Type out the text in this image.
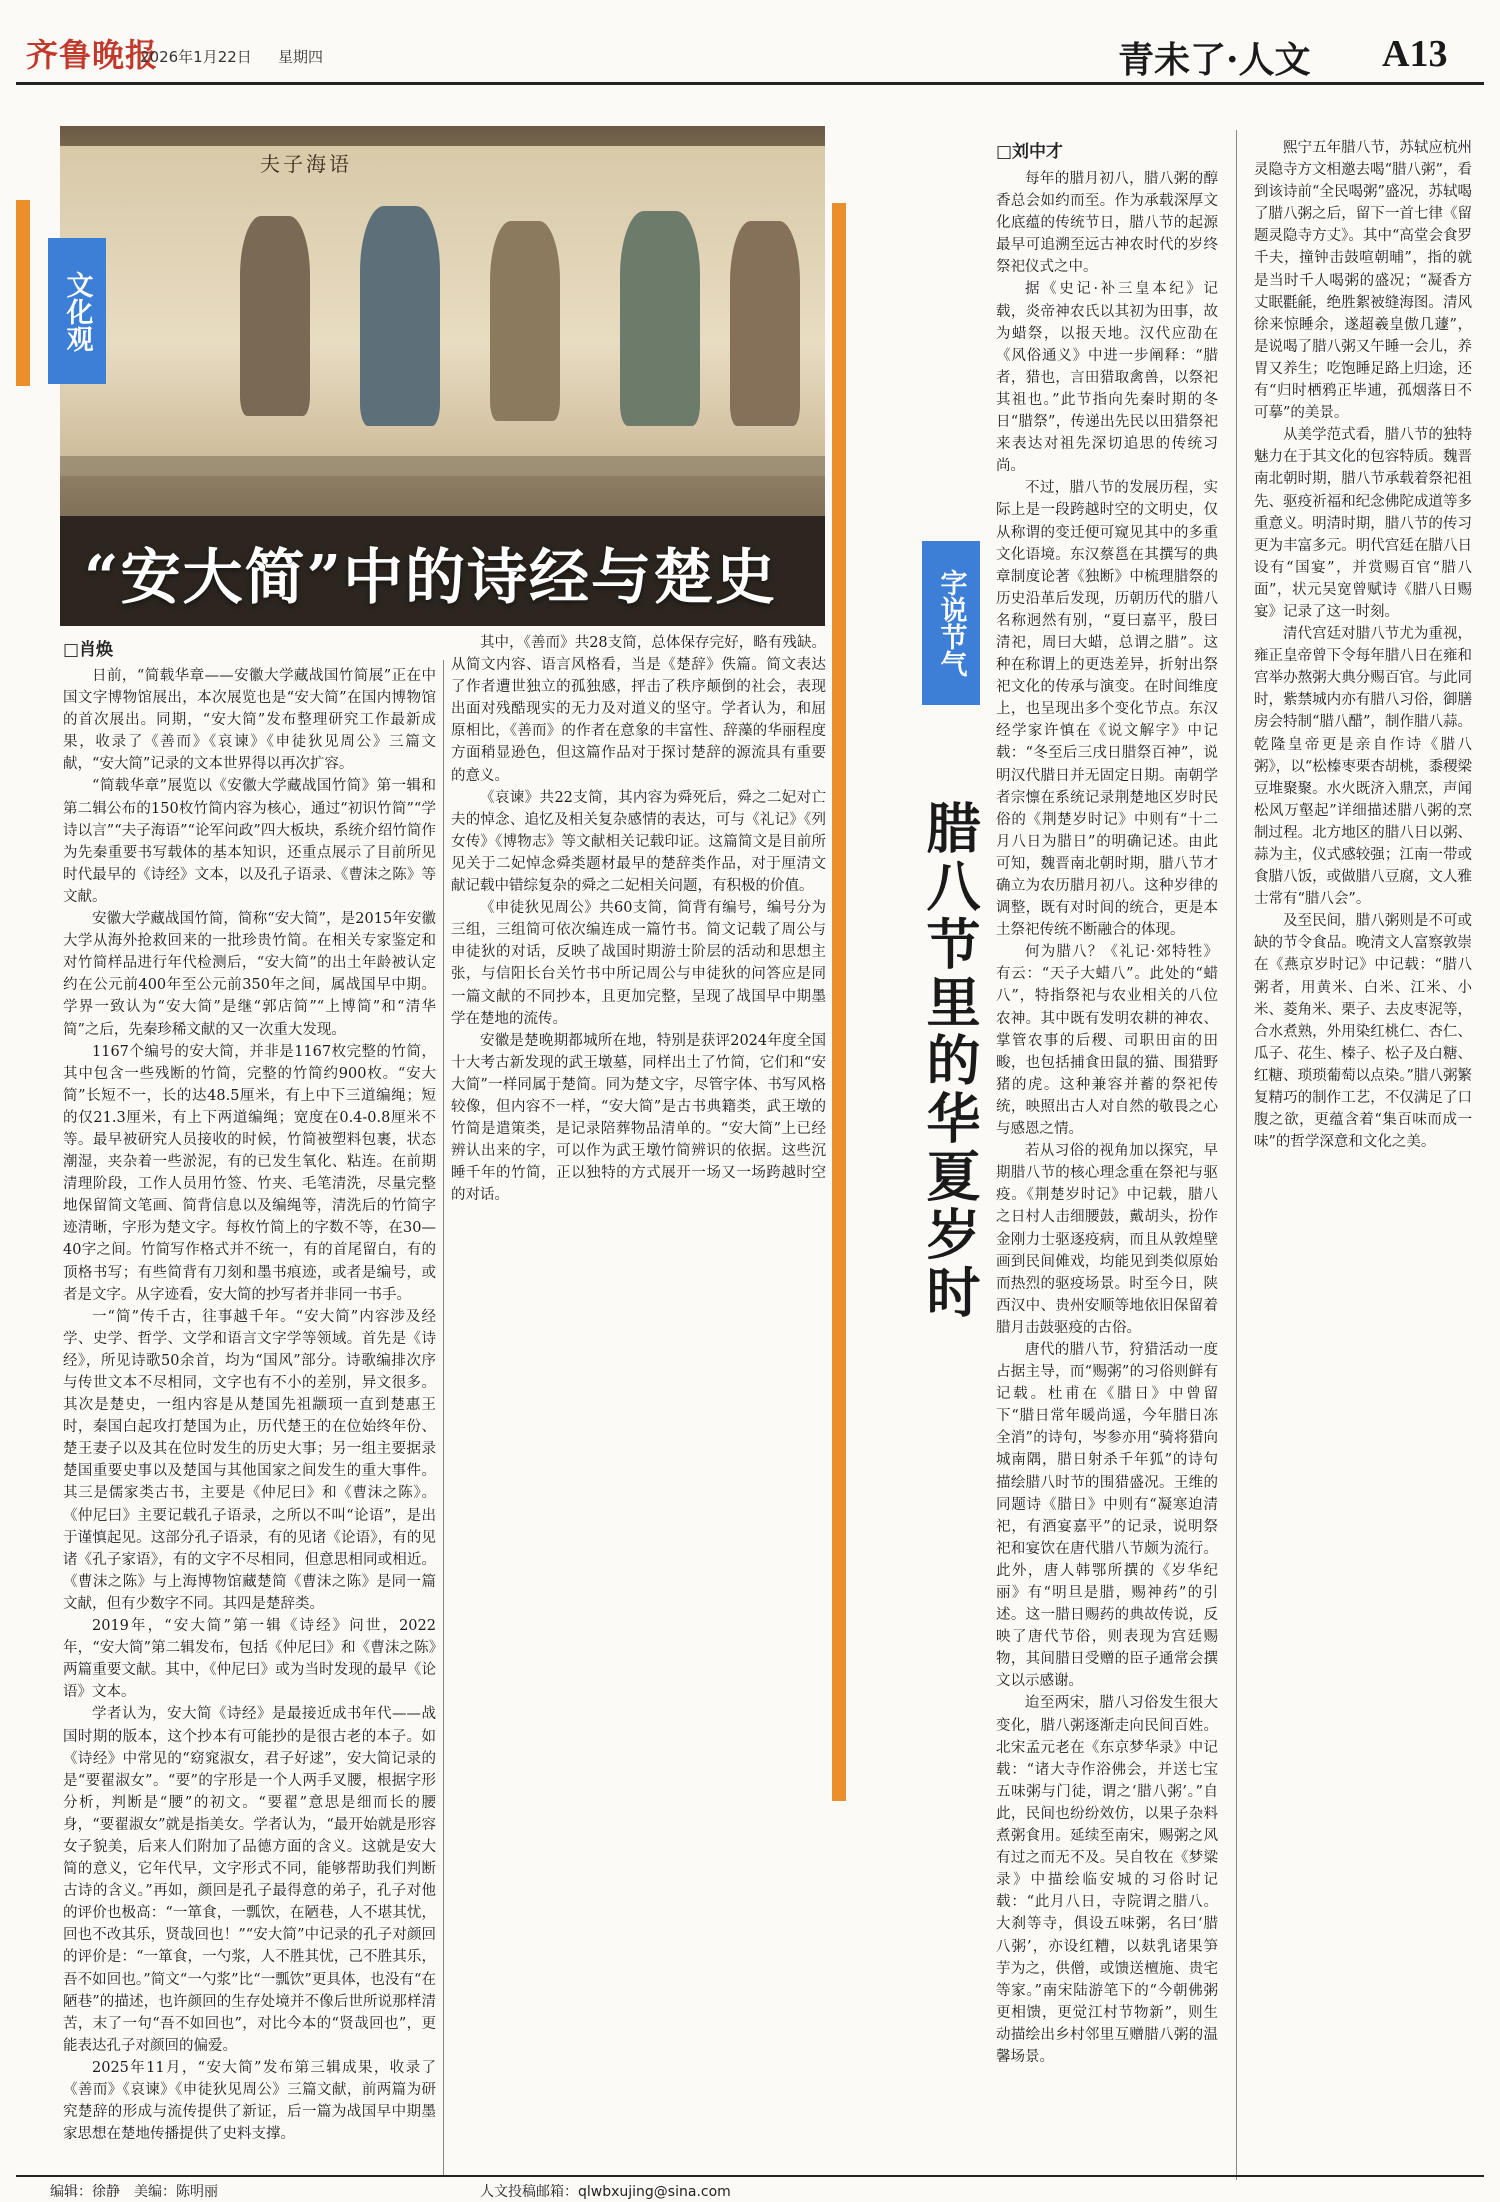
齐鲁晚报
2026年1月22日 星期四	青未了·人文 A13
夫子海语
“安大简”中的诗经与楚史
文化观
□肖焕

日前，“简载华章——安徽大学藏战国竹简展”正在中国文字博物馆展出，本次展览也是“安大简”在国内博物馆的首次展出。同期，“安大简”发布整理研究工作最新成果，收录了《善而》《哀谏》《申徒狄见周公》三篇文献，“安大简”记录的文本世界得以再次扩容。

“简载华章”展览以《安徽大学藏战国竹简》第一辑和第二辑公布的150枚竹简内容为核心，通过“初识竹简”“学诗以言”“夫子海语”“论军问政”四大板块，系统介绍竹简作为先秦重要书写载体的基本知识，还重点展示了目前所见时代最早的《诗经》文本，以及孔子语录、《曹沫之陈》等文献。

安徽大学藏战国竹简，简称“安大简”，是2015年安徽大学从海外抢救回来的一批珍贵竹简。在相关专家鉴定和对竹简样品进行年代检测后，“安大简”的出土年龄被认定约在公元前400年至公元前350年之间，属战国早中期。学界一致认为“安大简”是继“郭店简”“上博简”和“清华简”之后，先秦珍稀文献的又一次重大发现。

1167个编号的安大简，并非是1167枚完整的竹简，其中包含一些残断的竹简，完整的竹简约900枚。“安大简”长短不一，长的达48.5厘米，有上中下三道编绳；短的仅21.3厘米，有上下两道编绳；宽度在0.4-0.8厘米不等。最早被研究人员接收的时候，竹简被塑料包裹，状态潮湿，夹杂着一些淤泥，有的已发生氧化、粘连。在前期清理阶段，工作人员用竹签、竹夹、毛笔清洗，尽量完整地保留简文笔画、简背信息以及编绳等，清洗后的竹简字迹清晰，字形为楚文字。每枚竹简上的字数不等，在30—40字之间。竹简写作格式并不统一，有的首尾留白，有的顶格书写；有些简背有刀刻和墨书痕迹，或者是编号，或者是文字。从字迹看，安大简的抄写者并非同一书手。

一“简”传千古，往事越千年。“安大简”内容涉及经学、史学、哲学、文学和语言文字学等领域。首先是《诗经》，所见诗歌50余首，均为“国风”部分。诗歌编排次序与传世文本不尽相同，文字也有不小的差别，异文很多。其次是楚史，一组内容是从楚国先祖颛顼一直到楚惠王时，秦国白起攻打楚国为止，历代楚王的在位始终年份、楚王妻子以及其在位时发生的历史大事；另一组主要据录楚国重要史事以及楚国与其他国家之间发生的重大事件。其三是儒家类古书，主要是《仲尼曰》和《曹沫之陈》。《仲尼曰》主要记载孔子语录，之所以不叫“论语”，是出于谨慎起见。这部分孔子语录，有的见诸《论语》，有的见诸《孔子家语》，有的文字不尽相同，但意思相同或相近。《曹沫之陈》与上海博物馆藏楚简《曹沫之陈》是同一篇文献，但有少数字不同。其四是楚辞类。

2019年，“安大简”第一辑《诗经》问世，2022年，“安大简”第二辑发布，包括《仲尼曰》和《曹沫之陈》两篇重要文献。其中，《仲尼曰》或为当时发现的最早《论语》文本。

学者认为，安大简《诗经》是最接近成书年代——战国时期的版本，这个抄本有可能抄的是很古老的本子。如《诗经》中常见的“窈窕淑女，君子好逑”，安大简记录的是“要翟淑女”。“要”的字形是一个人两手叉腰，根据字形分析，判断是“腰”的初文。“要翟”意思是细而长的腰身，“要翟淑女”就是指美女。学者认为，“最开始就是形容女子貌美，后来人们附加了品德方面的含义。这就是安大简的意义，它年代早，文字形式不同，能够帮助我们判断古诗的含义。”再如，颜回是孔子最得意的弟子，孔子对他的评价也极高：“一箪食，一瓢饮，在陋巷，人不堪其忧，回也不改其乐，贤哉回也！”“安大简”中记录的孔子对颜回的评价是：“一箪食，一勺浆，人不胜其忧，己不胜其乐，吾不如回也。”简文“一勺浆”比“一瓢饮”更具体，也没有“在陋巷”的描述，也许颜回的生存处境并不像后世所说那样清苦，末了一句“吾不如回也”，对比今本的“贤哉回也”，更能表达孔子对颜回的偏爱。

2025年11月，“安大简”发布第三辑成果，收录了《善而》《哀谏》《申徒狄见周公》三篇文献，前两篇为研究楚辞的形成与流传提供了新证，后一篇为战国早中期墨家思想在楚地传播提供了史料支撑。

其中，《善而》共28支简，总体保存完好，略有残缺。从简文内容、语言风格看，当是《楚辞》佚篇。简文表达了作者遭世独立的孤独感，抨击了秩序颠倒的社会，表现出面对残酷现实的无力及对道义的坚守。学者认为，和屈原相比，《善而》的作者在意象的丰富性、辞藻的华丽程度方面稍显逊色，但这篇作品对于探讨楚辞的源流具有重要的意义。

《哀谏》共22支简，其内容为舜死后，舜之二妃对亡夫的悼念、追忆及相关复杂感情的表达，可与《礼记》《列女传》《博物志》等文献相关记载印证。这篇简文是目前所见关于二妃悼念舜类题材最早的楚辞类作品，对于厘清文献记载中错综复杂的舜之二妃相关问题，有积极的价值。

《申徒狄见周公》共60支简，简背有编号，编号分为三组，三组简可依次编连成一篇竹书。简文记载了周公与申徒狄的对话，反映了战国时期游士阶层的活动和思想主张，与信阳长台关竹书中所记周公与申徒狄的问答应是同一篇文献的不同抄本，且更加完整，呈现了战国早中期墨学在楚地的流传。

安徽是楚晚期都城所在地，特别是获评2024年度全国十大考古新发现的武王墩墓，同样出土了竹简，它们和“安大简”一样同属于楚简。同为楚文字，尽管字体、书写风格较像，但内容不一样，“安大简”是古书典籍类，武王墩的竹简是遣策类，是记录陪葬物品清单的。“安大简”上已经辨认出来的字，可以作为武王墩竹简辨识的依据。这些沉睡千年的竹简，正以独特的方式展开一场又一场跨越时空的对话。

字说节气
腊八节里的华夏岁时
□刘中才

每年的腊月初八，腊八粥的醇香总会如约而至。作为承载深厚文化底蕴的传统节日，腊八节的起源最早可追溯至远古神农时代的岁终祭祀仪式之中。

据《史记·补三皇本纪》记载，炎帝神农氏以其初为田事，故为蜡祭，以报天地。汉代应劭在《风俗通义》中进一步阐释：“腊者，猎也，言田猎取禽兽，以祭祀其祖也。”此节指向先秦时期的冬日“腊祭”，传递出先民以田猎祭祀来表达对祖先深切追思的传统习尚。

不过，腊八节的发展历程，实际上是一段跨越时空的文明史，仅从称谓的变迁便可窥见其中的多重文化语境。东汉蔡邕在其撰写的典章制度论著《独断》中梳理腊祭的历史沿革后发现，历朝历代的腊八名称迥然有别，“夏曰嘉平，殷曰清祀，周曰大蜡，总谓之腊”。这种在称谓上的更迭差异，折射出祭祀文化的传承与演变。在时间维度上，也呈现出多个变化节点。东汉经学家许慎在《说文解字》中记载：“冬至后三戌日腊祭百神”，说明汉代腊日并无固定日期。南朝学者宗懔在系统记录荆楚地区岁时民俗的《荆楚岁时记》中则有“十二月八日为腊日”的明确记述。由此可知，魏晋南北朝时期，腊八节才确立为农历腊月初八。这种岁律的调整，既有对时间的统合，更是本土祭祀传统不断融合的体现。

何为腊八？《礼记·郊特牲》有云：“天子大蜡八”。此处的“蜡八”，特指祭祀与农业相关的八位农神。其中既有发明农耕的神农、掌管农事的后稷、司职田亩的田畯，也包括捕食田鼠的猫、围猎野猪的虎。这种兼容并蓄的祭祀传统，映照出古人对自然的敬畏之心与感恩之情。

若从习俗的视角加以探究，早期腊八节的核心理念重在祭祀与驱疫。《荆楚岁时记》中记载，腊八之日村人击细腰鼓，戴胡头，扮作金刚力士驱逐疫病，而且从敦煌壁画到民间傩戏，均能见到类似原始而热烈的驱疫场景。时至今日，陕西汉中、贵州安顺等地依旧保留着腊月击鼓驱疫的古俗。

唐代的腊八节，狩猎活动一度占据主导，而“赐粥”的习俗则鲜有记载。杜甫在《腊日》中曾留下“腊日常年暖尚遥，今年腊日冻全消”的诗句，岑参亦用“骑将猎向城南隅，腊日射杀千年狐”的诗句描绘腊八时节的围猎盛况。王维的同题诗《腊日》中则有“凝寒迫清祀，有酒宴嘉平”的记录，说明祭祀和宴饮在唐代腊八节颇为流行。此外，唐人韩鄂所撰的《岁华纪丽》有“明旦是腊，赐神药”的引述。这一腊日赐药的典故传说，反映了唐代节俗，则表现为宫廷赐物，其间腊日受赠的臣子通常会撰文以示感谢。

迨至两宋，腊八习俗发生很大变化，腊八粥逐渐走向民间百姓。北宋孟元老在《东京梦华录》中记载：“诸大寺作浴佛会，并送七宝五味粥与门徒，谓之‘腊八粥’。”自此，民间也纷纷效仿，以果子杂料煮粥食用。延续至南宋，赐粥之风有过之而无不及。吴自牧在《梦粱录》中描绘临安城的习俗时记载：“此月八日，寺院谓之腊八。大刹等寺，俱设五味粥，名曰‘腊八粥’，亦设红糟，以麸乳诸果笋芋为之，供僧，或馈送檀施、贵宅等家。”南宋陆游笔下的“今朝佛粥更相馈，更觉江村节物新”，则生动描绘出乡村邻里互赠腊八粥的温馨场景。

熙宁五年腊八节，苏轼应杭州灵隐寺方文相邀去喝“腊八粥”，看到该诗前“全民喝粥”盛况，苏轼喝了腊八粥之后，留下一首七律《留题灵隐寺方丈》。其中“高堂会食罗千夫，撞钟击鼓喧朝晡”，指的就是当时千人喝粥的盛况；“凝香方丈眠氍毹，绝胜絮被缝海图。清风徐来惊睡余，遂超羲皇傲几蘧”，是说喝了腊八粥又午睡一会儿，养胃又养生；吃饱睡足路上归途，还有“归时栖鸦正毕逋，孤烟落日不可摹”的美景。

从美学范式看，腊八节的独特魅力在于其文化的包容特质。魏晋南北朝时期，腊八节承载着祭祀祖先、驱疫祈福和纪念佛陀成道等多重意义。明清时期，腊八节的传习更为丰富多元。明代宫廷在腊八日设有“国宴”，并赏赐百官“腊八面”，状元吴宽曾赋诗《腊八日赐宴》记录了这一时刻。

清代宫廷对腊八节尤为重视，雍正皇帝曾下令每年腊八日在雍和宫举办熬粥大典分赐百官。与此同时，紫禁城内亦有腊八习俗，御膳房会特制“腊八醋”，制作腊八蒜。乾隆皇帝更是亲自作诗《腊八粥》，以“松榛枣栗杏胡桃，黍稷梁豆堆聚聚。水火既济入鼎烹，声闻松风万壑起”详细描述腊八粥的烹制过程。北方地区的腊八日以粥、蒜为主，仪式感较强；江南一带或食腊八饭，或做腊八豆腐，文人雅士常有“腊八会”。

及至民间，腊八粥则是不可或缺的节令食品。晚清文人富察敦崇在《燕京岁时记》中记载：“腊八粥者，用黄米、白米、江米、小米、菱角米、栗子、去皮枣泥等，合水煮熟，外用染红桃仁、杏仁、瓜子、花生、榛子、松子及白糖、红糖、琐琐葡萄以点染。”腊八粥繁复精巧的制作工艺，不仅满足了口腹之欲，更蕴含着“集百味而成一味”的哲学深意和文化之美。

编辑：徐静　美编：陈明丽	人文投稿邮箱：qlwbxujing@sina.com
